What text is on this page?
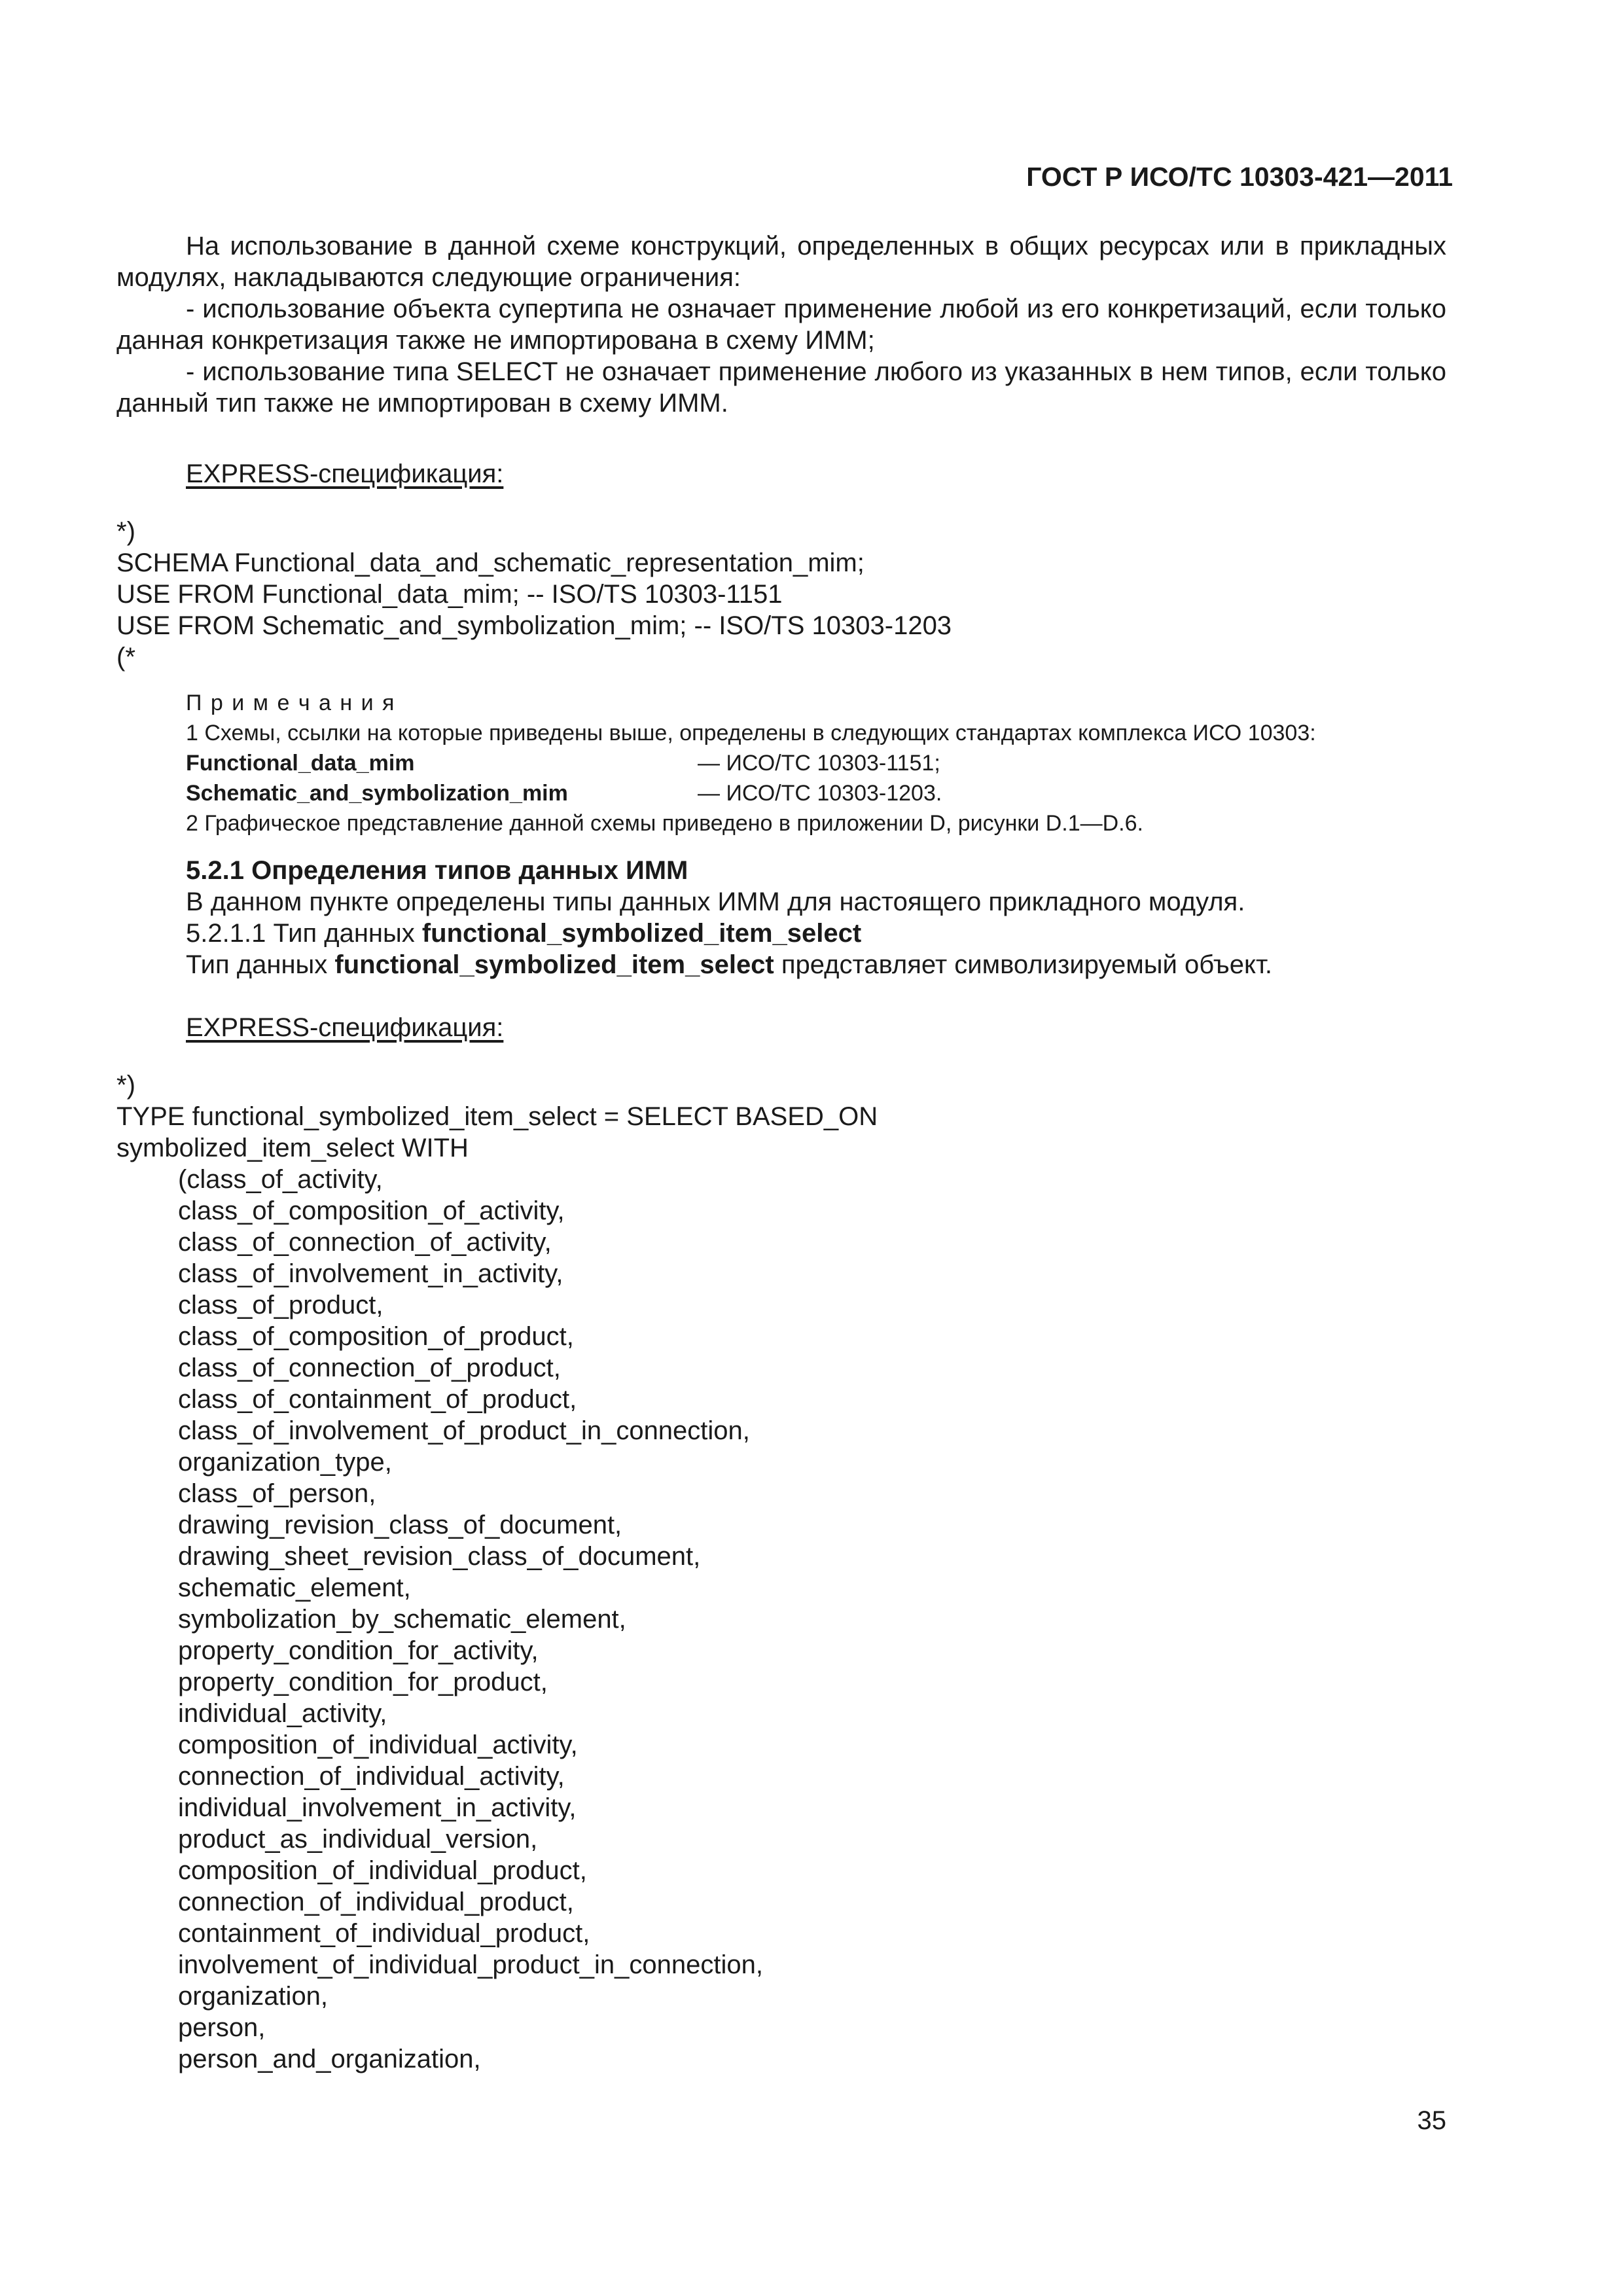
ГОСТ Р ИСО/ТС 10303-421—2011

На использование в данной схеме конструкций, определенных в общих ресурсах или в прикладных модулях, накладываются следующие ограничения:

- использование объекта супертипа не означает применение любой из его конкретизаций, если только данная конкретизация также не импортирована в схему ИММ;

- использование типа SELECT не означает применение любого из указанных в нем типов, если только данный тип также не импортирован в схему ИММ.

EXPRESS-спецификация:
*)
SCHEMA Functional_data_and_schematic_representation_mim;
USE FROM Functional_data_mim; -- ISO/TS 10303-1151
USE FROM Schematic_and_symbolization_mim; -- ISO/TS 10303-1203
(*
П р и м е ч а н и я
1 Схемы, ссылки на которые приведены выше, определены в следующих стандартах комплекса ИСО 10303:
Functional_data_mim	— ИСО/ТС 10303-1151;
Schematic_and_symbolization_mim	— ИСО/ТС 10303-1203.
2 Графическое представление данной схемы приведено в приложении D, рисунки D.1—D.6.
5.2.1 Определения типов данных ИММ
В данном пункте определены типы данных ИММ для настоящего прикладного модуля.
5.2.1.1 Тип данных functional_symbolized_item_select
Тип данных functional_symbolized_item_select представляет символизируемый объект.
EXPRESS-спецификация:
*)
TYPE functional_symbolized_item_select = SELECT BASED_ON
symbolized_item_select WITH

(class_of_activity,

class_of_composition_of_activity,

class_of_connection_of_activity,

class_of_involvement_in_activity,

class_of_product,

class_of_composition_of_product,

class_of_connection_of_product,

class_of_containment_of_product,

class_of_involvement_of_product_in_connection,

organization_type,

class_of_person,

drawing_revision_class_of_document,

drawing_sheet_revision_class_of_document,

schematic_element,

symbolization_by_schematic_element,

property_condition_for_activity,

property_condition_for_product,

individual_activity,

composition_of_individual_activity,

connection_of_individual_activity,

individual_involvement_in_activity,

product_as_individual_version,

composition_of_individual_product,

connection_of_individual_product,

containment_of_individual_product,

involvement_of_individual_product_in_connection,

organization,

person,

person_and_organization,

35
